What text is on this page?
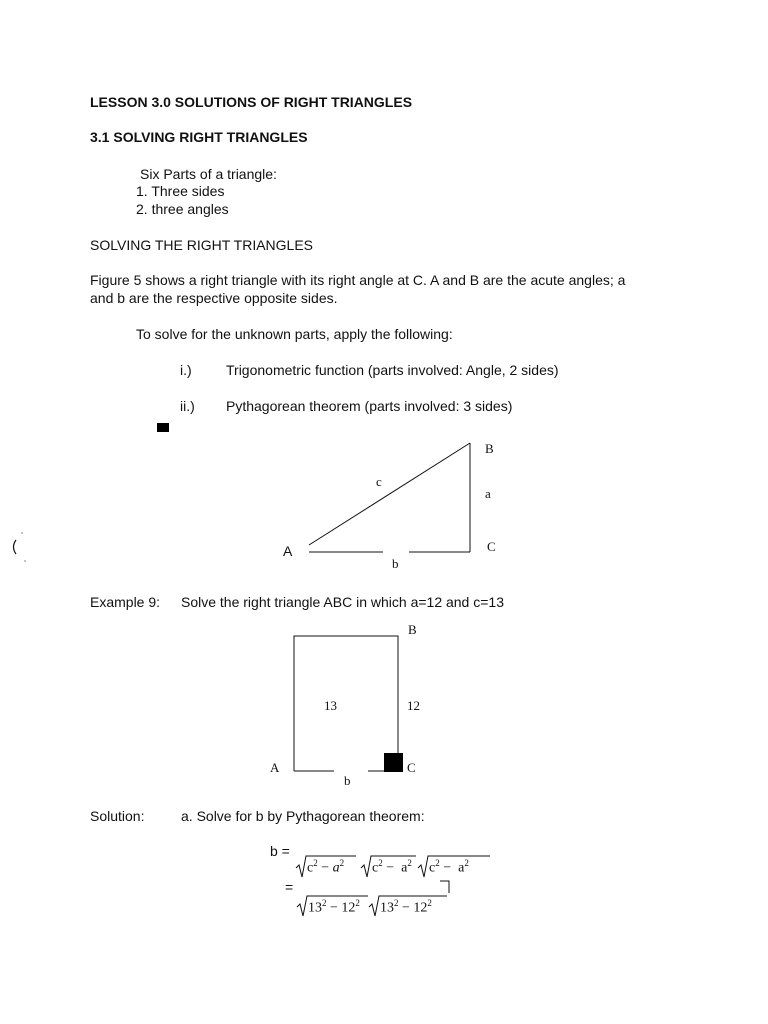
LESSON 3.0 SOLUTIONS OF RIGHT TRIANGLES
3.1 SOLVING RIGHT TRIANGLES
Six Parts of a triangle:
1. Three sides
2. three angles
SOLVING THE RIGHT TRIANGLES
Figure 5 shows a right triangle with its right angle at C. A and B are the acute angles; a
and b are the respective opposite sides.
To solve for the unknown parts, apply the following:
i.) Trigonometric function (parts involved: Angle, 2 sides)
ii.) Pythagorean theorem (parts involved: 3 sides)
A
B
C
a
b
c
Example 9: Solve the right triangle ABC in which a=12 and c=13
B
A	C
13	12
b
Solution:	a. Solve for b by Pythagorean theorem:
b =
=
$c^2 - a^2$ $c^2 - a^2$ $c^2 - a^2$
$13^2 - 12^2$ $13^2 - 12^2$
